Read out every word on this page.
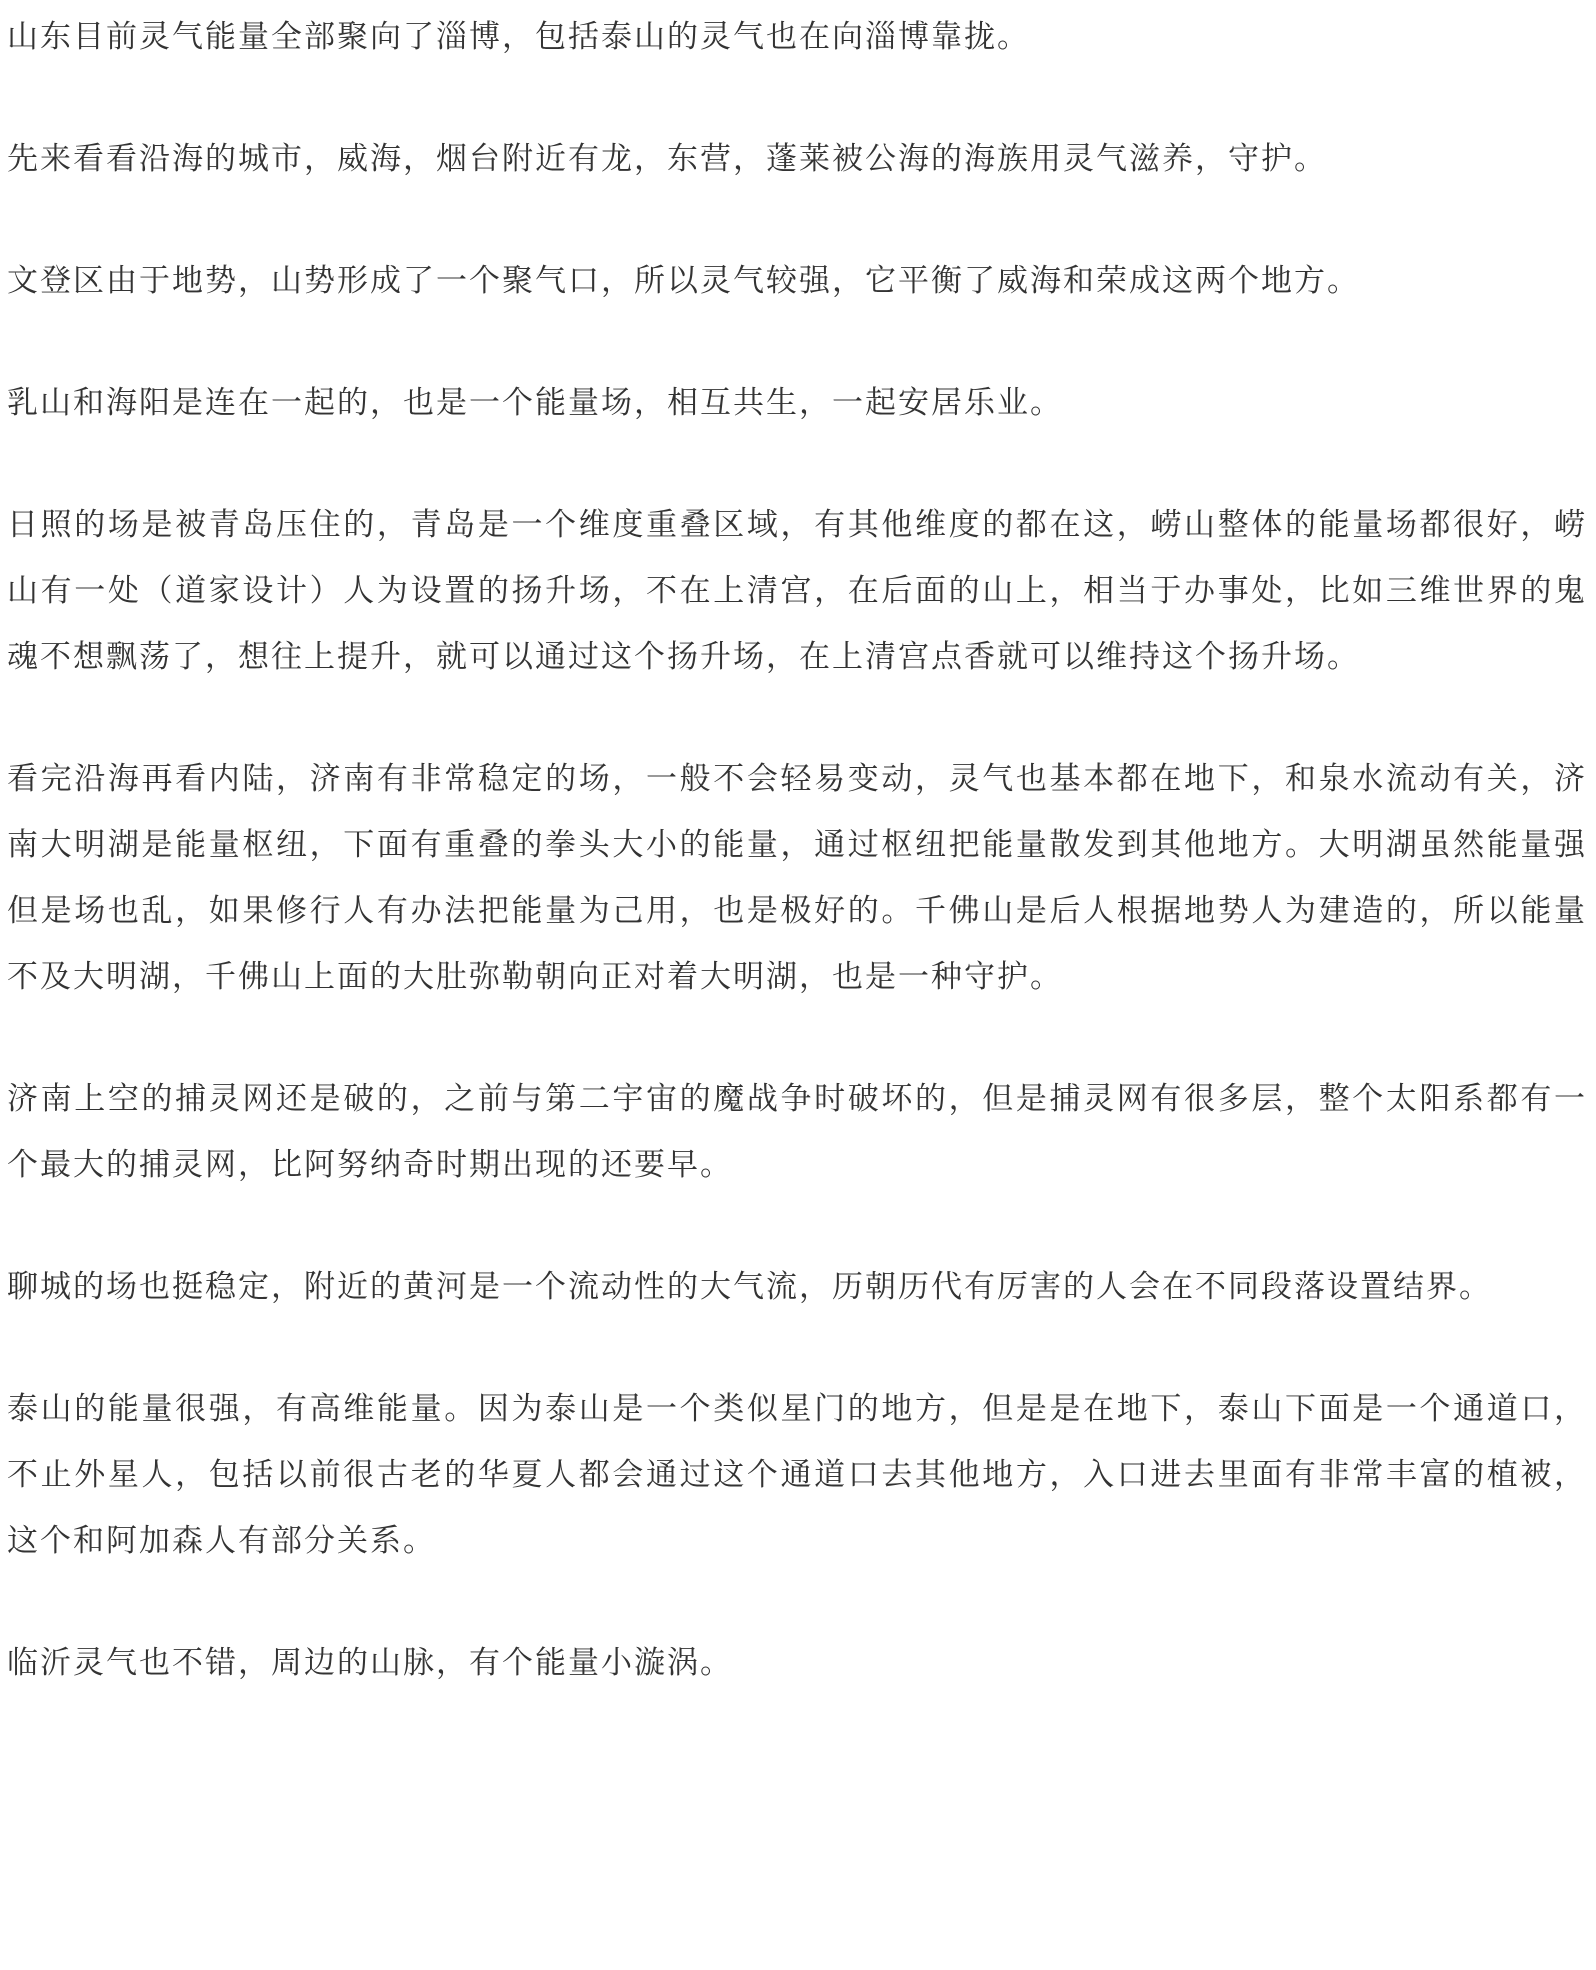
山东目前灵气能量全部聚向了淄博，包括泰山的灵气也在向淄博靠拢。

先来看看沿海的城市，威海，烟台附近有龙，东营，蓬莱被公海的海族用灵气滋养，守护。

文登区由于地势，山势形成了一个聚气口，所以灵气较强，它平衡了威海和荣成这两个地方。

乳山和海阳是连在一起的，也是一个能量场，相互共生，一起安居乐业。

日照的场是被青岛压住的，青岛是一个维度重叠区域，有其他维度的都在这，崂山整体的能量场都很好，崂山有一处（道家设计）人为设置的扬升场，不在上清宫，在后面的山上，相当于办事处，比如三维世界的鬼魂不想飘荡了，想往上提升，就可以通过这个扬升场，在上清宫点香就可以维持这个扬升场。

看完沿海再看内陆，济南有非常稳定的场，一般不会轻易变动，灵气也基本都在地下，和泉水流动有关，济南大明湖是能量枢纽，下面有重叠的拳头大小的能量，通过枢纽把能量散发到其他地方。大明湖虽然能量强但是场也乱，如果修行人有办法把能量为己用，也是极好的。千佛山是后人根据地势人为建造的，所以能量不及大明湖，千佛山上面的大肚弥勒朝向正对着大明湖，也是一种守护。

济南上空的捕灵网还是破的，之前与第二宇宙的魔战争时破坏的，但是捕灵网有很多层，整个太阳系都有一个最大的捕灵网，比阿努纳奇时期出现的还要早。

聊城的场也挺稳定，附近的黄河是一个流动性的大气流，历朝历代有厉害的人会在不同段落设置结界。

泰山的能量很强，有高维能量。因为泰山是一个类似星门的地方，但是是在地下，泰山下面是一个通道口，不止外星人，包括以前很古老的华夏人都会通过这个通道口去其他地方，入口进去里面有非常丰富的植被，这个和阿加森人有部分关系。

临沂灵气也不错，周边的山脉，有个能量小漩涡。
